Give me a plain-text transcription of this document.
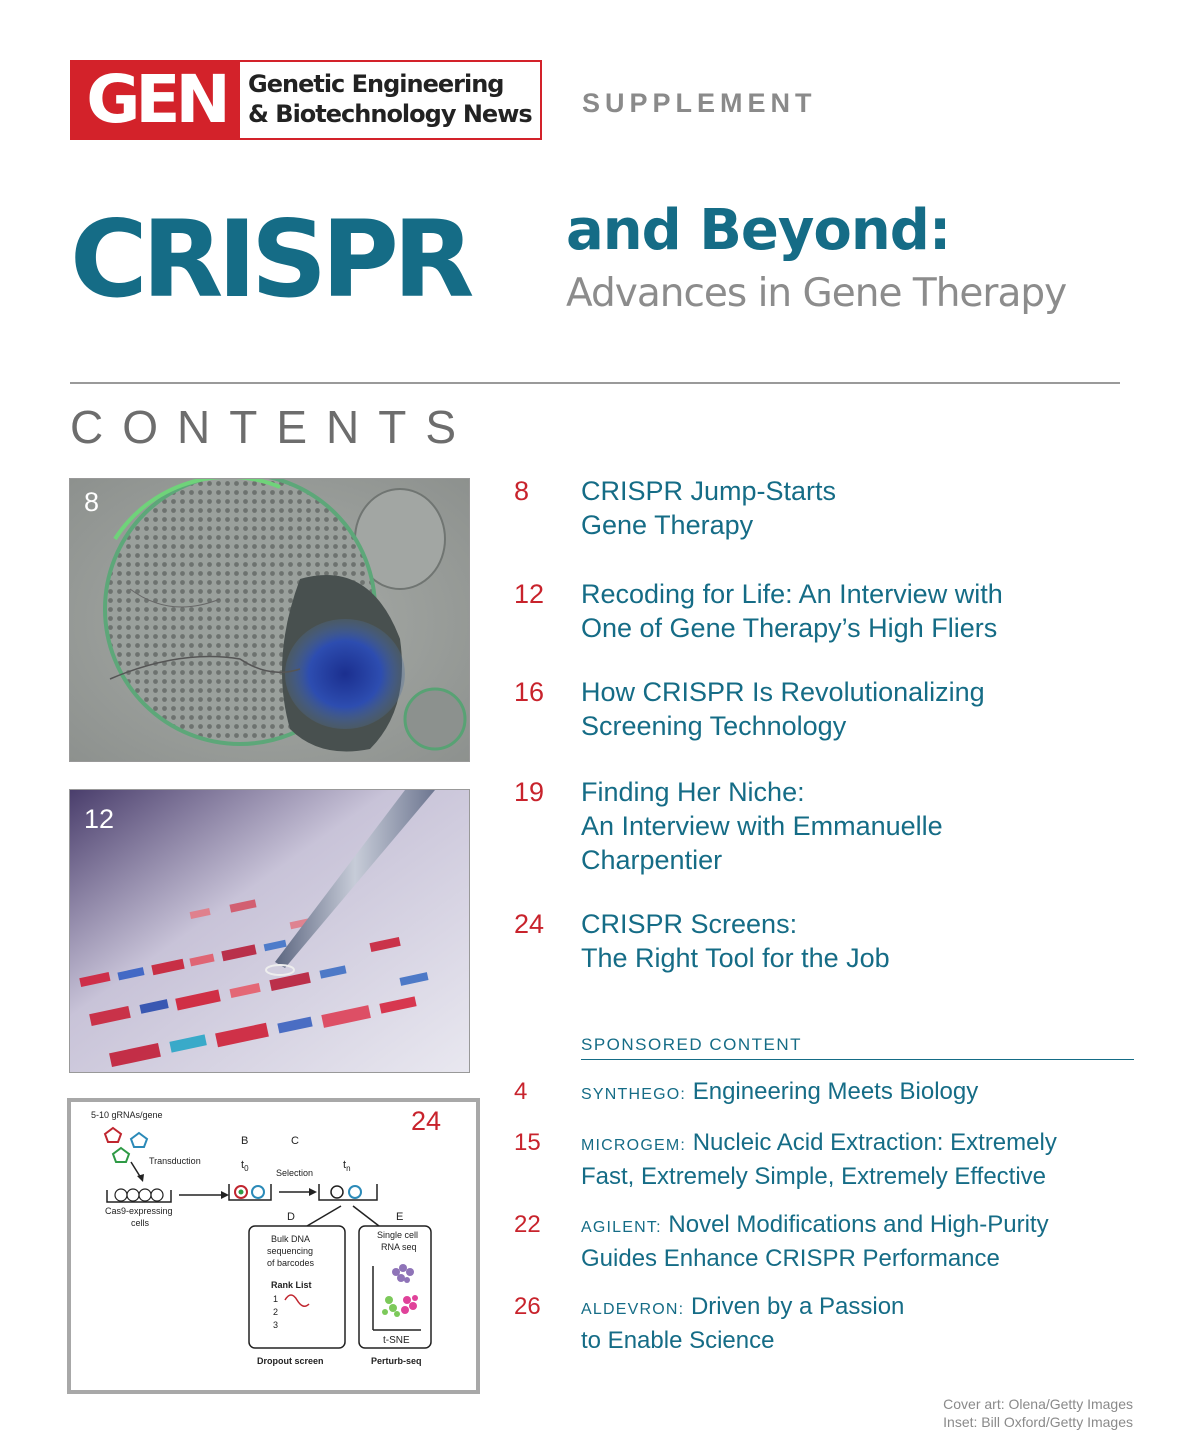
GEN Genetic Engineering
& Biotechnology News SUPPLEMENT
CRISPR and Beyond:
Advances in Gene Therapy
CONTENTS
8
12
5-10 gRNAs/gene
Transduction
Cas9-expressing
cells
B	C
$t_0$	Selection
$t_n$
D	E
Bulk DNA
sequencing
of barcodes
Rank List
1
2
3
Single cell
RNA seq
t-SNE
Dropout screen	Perturb-seq
24
8 CRISPR Jump-Starts
Gene Therapy
12 Recoding for Life: An Interview with
One of Gene Therapy’s High Fliers
16 How CRISPR Is Revolutionalizing
Screening Technology
19 Finding Her Niche:
An Interview with Emmanuelle
Charpentier
24 CRISPR Screens:
The Right Tool for the Job
SPONSORED CONTENT
4	SYNTHEGO: Engineering Meets Biology
15	MICROGEM: Nucleic Acid Extraction: Extremely
Fast, Extremely Simple, Extremely Effective
22	AGILENT: Novel Modifications and High-Purity
Guides Enhance CRISPR Performance
26	ALDEVRON: Driven by a Passion
to Enable Science
Cover art: Olena/Getty Images
Inset: Bill Oxford/Getty Images
